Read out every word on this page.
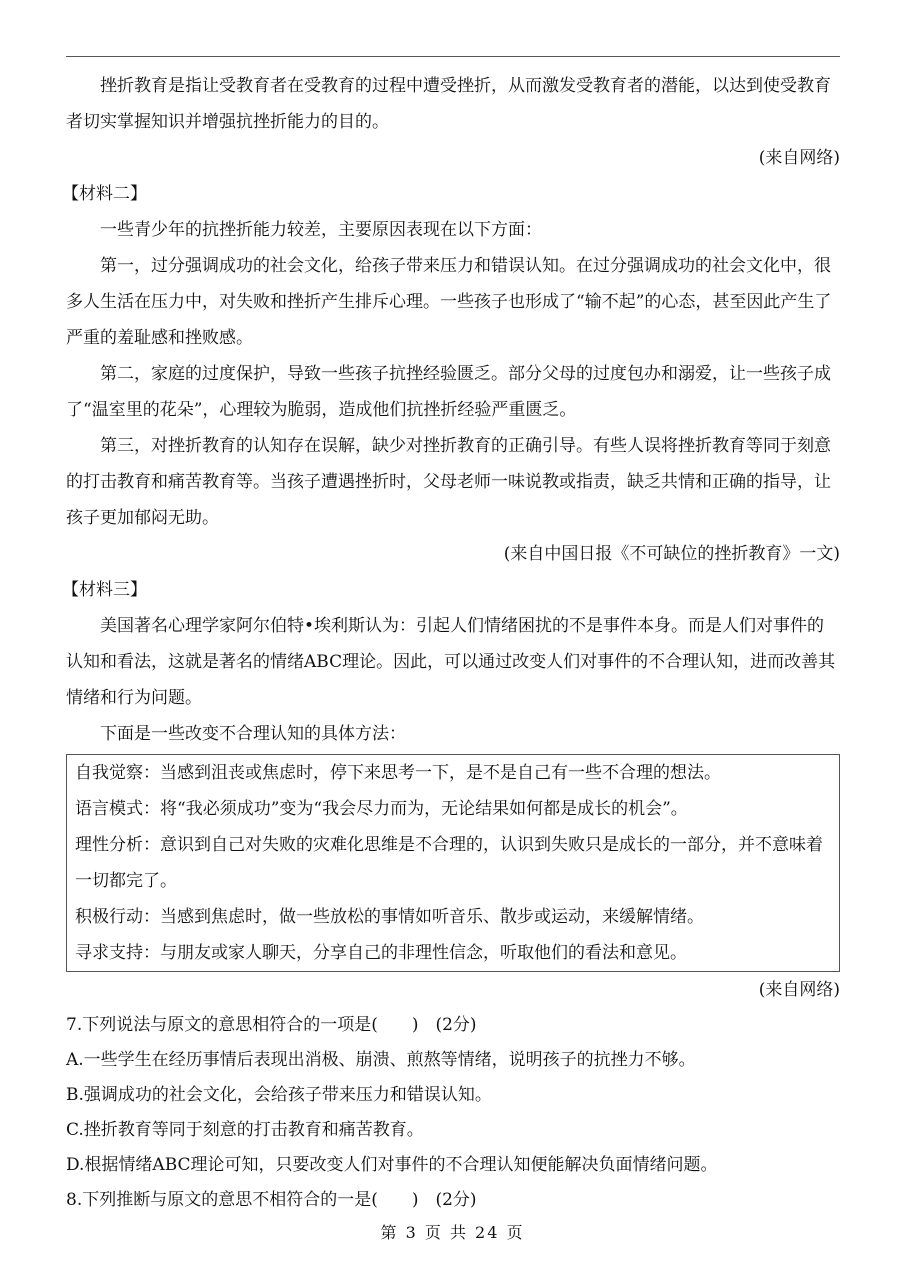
挫折教育是指让受教育者在受教育的过程中遭受挫折，从而激发受教育者的潜能，以达到使受教育者切实掌握知识并增强抗挫折能力的目的。

(来自网络)

【材料二】

一些青少年的抗挫折能力较差，主要原因表现在以下方面：

第一，过分强调成功的社会文化，给孩子带来压力和错误认知。在过分强调成功的社会文化中，很多人生活在压力中，对失败和挫折产生排斥心理。一些孩子也形成了“输不起”的心态，甚至因此产生了严重的羞耻感和挫败感。

第二，家庭的过度保护，导致一些孩子抗挫经验匮乏。部分父母的过度包办和溺爱，让一些孩子成了“温室里的花朵”，心理较为脆弱，造成他们抗挫折经验严重匮乏。

第三，对挫折教育的认知存在误解，缺少对挫折教育的正确引导。有些人误将挫折教育等同于刻意的打击教育和痛苦教育等。当孩子遭遇挫折时，父母老师一味说教或指责，缺乏共情和正确的指导，让孩子更加郁闷无助。

(来自中国日报《不可缺位的挫折教育》一文)

【材料三】

美国著名心理学家阿尔伯特•埃利斯认为：引起人们情绪困扰的不是事件本身。而是人们对事件的认知和看法，这就是著名的情绪ABC理论。因此，可以通过改变人们对事件的不合理认知，进而改善其情绪和行为问题。

下面是一些改变不合理认知的具体方法：

自我觉察：当感到沮丧或焦虑时，停下来思考一下，是不是自己有一些不合理的想法。

语言模式：将“我必须成功”变为“我会尽力而为，无论结果如何都是成长的机会”。

理性分析：意识到自己对失败的灾难化思维是不合理的，认识到失败只是成长的一部分，并不意味着一切都完了。

积极行动：当感到焦虑时，做一些放松的事情如听音乐、散步或运动，来缓解情绪。

寻求支持：与朋友或家人聊天，分享自己的非理性信念，听取他们的看法和意见。

(来自网络)

7.下列说法与原文的意思相符合的一项是(　　)　(2分)

A.一些学生在经历事情后表现出消极、崩溃、煎熬等情绪，说明孩子的抗挫力不够。

B.强调成功的社会文化，会给孩子带来压力和错误认知。

C.挫折教育等同于刻意的打击教育和痛苦教育。

D.根据情绪ABC理论可知，只要改变人们对事件的不合理认知便能解决负面情绪问题。

8.下列推断与原文的意思不相符合的一是(　　)　(2分)

第 3 页 共 24 页
